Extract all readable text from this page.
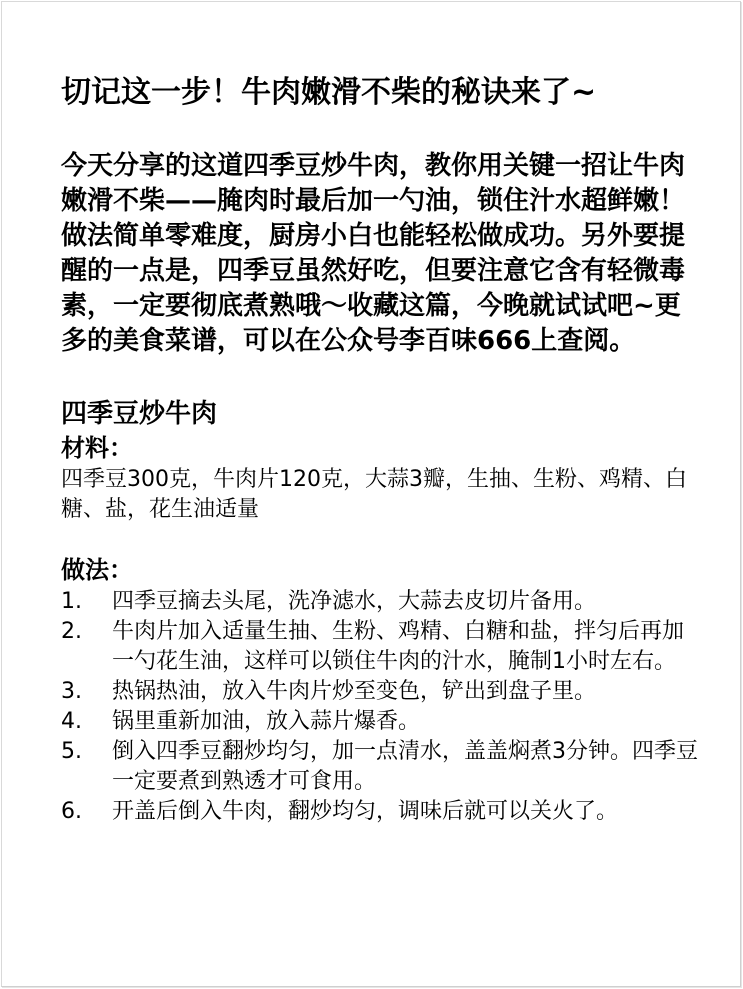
切记这一步！牛肉嫩滑不柴的秘诀来了~

今天分享的这道四季豆炒牛肉，教你用关键一招让牛肉嫩滑不柴——腌肉时最后加一勺油，锁住汁水超鲜嫩！做法简单零难度，厨房小白也能轻松做成功。另外要提醒的一点是，四季豆虽然好吃，但要注意它含有轻微毒素，一定要彻底煮熟哦～收藏这篇，今晚就试试吧~更多的美食菜谱，可以在公众号李百味666上查阅。

四季豆炒牛肉
材料：

四季豆300克，牛肉片120克，大蒜3瓣，生抽、生粉、鸡精、白糖、盐，花生油适量

做法：
1.	四季豆摘去头尾，洗净滤水，大蒜去皮切片备用。
2.	牛肉片加入适量生抽、生粉、鸡精、白糖和盐，拌匀后再加一勺花生油，这样可以锁住牛肉的汁水，腌制1小时左右。
3.	热锅热油，放入牛肉片炒至变色，铲出到盘子里。
4.	锅里重新加油，放入蒜片爆香。
5.	倒入四季豆翻炒均匀，加一点清水，盖盖焖煮3分钟。四季豆一定要煮到熟透才可食用。
6.	开盖后倒入牛肉，翻炒均匀，调味后就可以关火了。
